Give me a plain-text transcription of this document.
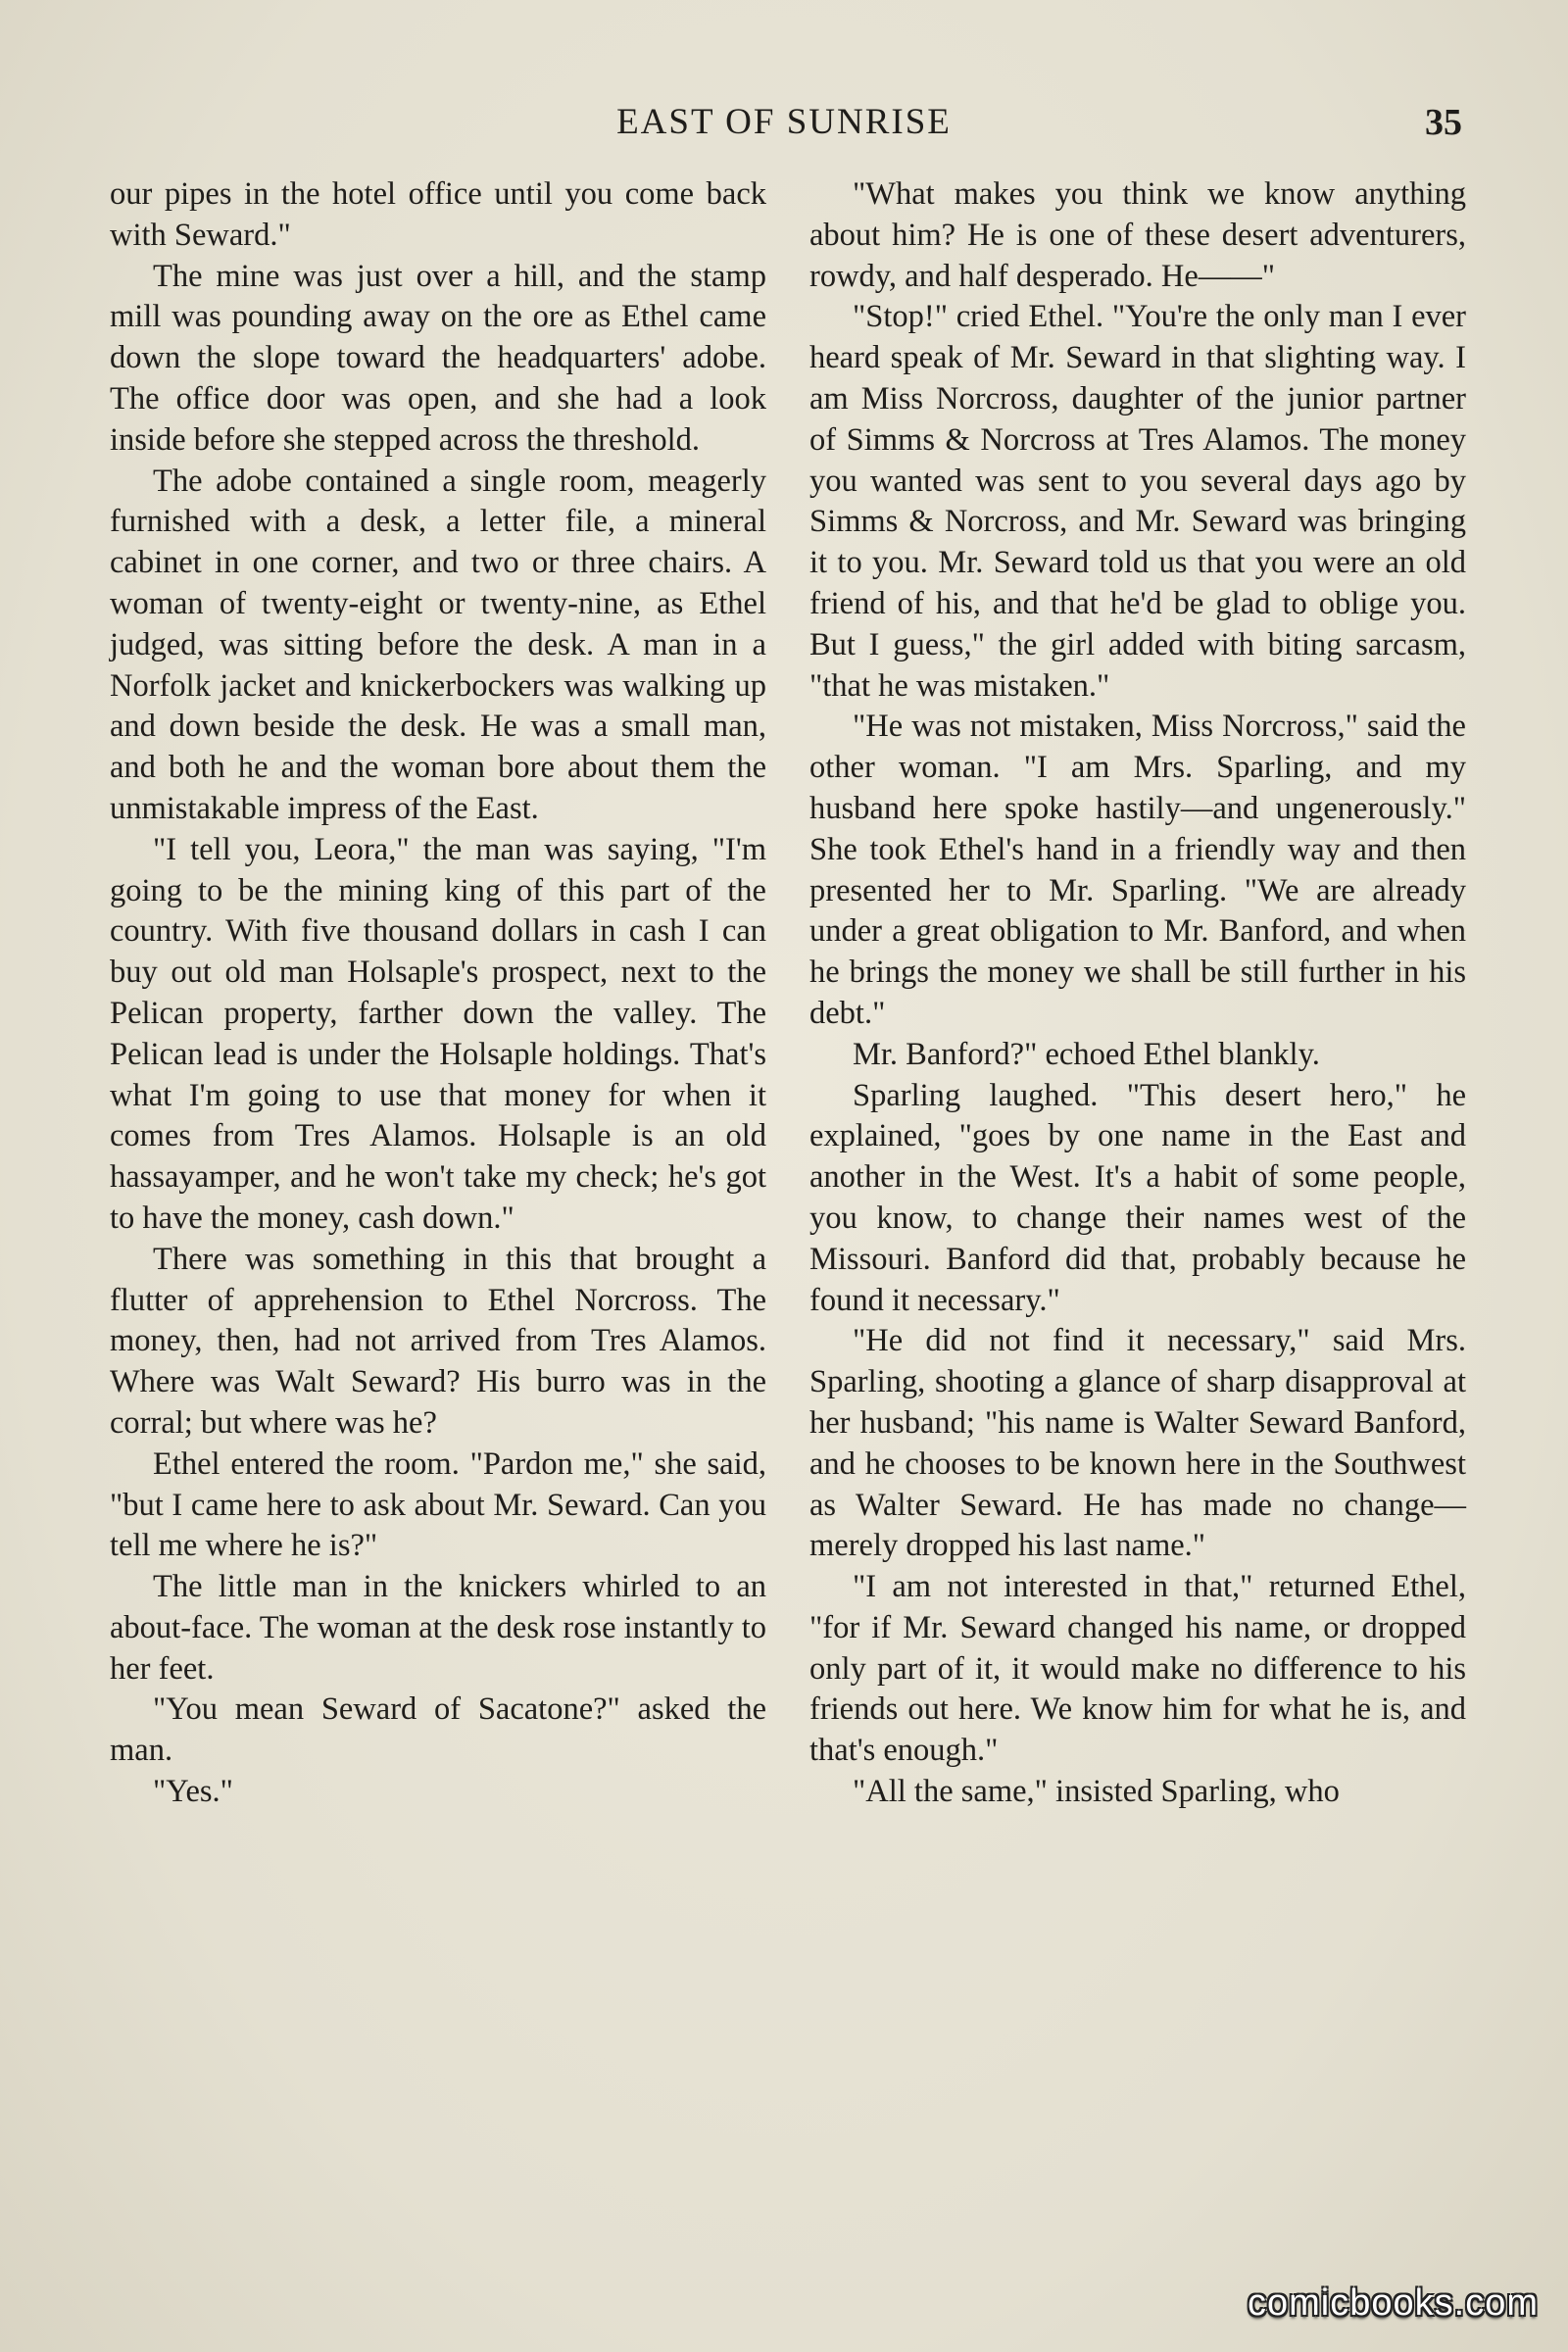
EAST OF SUNRISE	35

our pipes in the hotel office until you come back with Seward."

The mine was just over a hill, and the stamp mill was pounding away on the ore as Ethel came down the slope toward the headquarters' adobe. The office door was open, and she had a look inside before she stepped across the threshold.

The adobe contained a single room, meagerly furnished with a desk, a letter file, a mineral cabinet in one corner, and two or three chairs. A woman of twenty-eight or twenty-nine, as Ethel judged, was sitting before the desk. A man in a Norfolk jacket and knickerbockers was walking up and down beside the desk. He was a small man, and both he and the woman bore about them the unmistakable impress of the East.

"I tell you, Leora," the man was saying, "I'm going to be the mining king of this part of the country. With five thousand dollars in cash I can buy out old man Holsaple's prospect, next to the Pelican property, farther down the valley. The Pelican lead is under the Holsaple holdings. That's what I'm going to use that money for when it comes from Tres Alamos. Holsaple is an old hassayamper, and he won't take my check; he's got to have the money, cash down."

There was something in this that brought a flutter of apprehension to Ethel Norcross. The money, then, had not arrived from Tres Alamos. Where was Walt Seward? His burro was in the corral; but where was he?

Ethel entered the room. "Pardon me," she said, "but I came here to ask about Mr. Seward. Can you tell me where he is?"

The little man in the knickers whirled to an about-face. The woman at the desk rose instantly to her feet.

"You mean Seward of Sacatone?" asked the man.

"Yes."

"What makes you think we know anything about him? He is one of these desert adventurers, rowdy, and half desperado. He——"

"Stop!" cried Ethel. "You're the only man I ever heard speak of Mr. Seward in that slighting way. I am Miss Norcross, daughter of the junior partner of Simms & Norcross at Tres Alamos. The money you wanted was sent to you several days ago by Simms & Norcross, and Mr. Seward was bringing it to you. Mr. Seward told us that you were an old friend of his, and that he'd be glad to oblige you. But I guess," the girl added with biting sarcasm, "that he was mistaken."

"He was not mistaken, Miss Norcross," said the other woman. "I am Mrs. Sparling, and my husband here spoke hastily—and ungenerously." She took Ethel's hand in a friendly way and then presented her to Mr. Sparling. "We are already under a great obligation to Mr. Banford, and when he brings the money we shall be still further in his debt."

Mr. Banford?" echoed Ethel blankly.

Sparling laughed. "This desert hero," he explained, "goes by one name in the East and another in the West. It's a habit of some people, you know, to change their names west of the Missouri. Banford did that, probably because he found it necessary."

"He did not find it necessary," said Mrs. Sparling, shooting a glance of sharp disapproval at her husband; "his name is Walter Seward Banford, and he chooses to be known here in the Southwest as Walter Seward. He has made no change—merely dropped his last name."

"I am not interested in that," returned Ethel, "for if Mr. Seward changed his name, or dropped only part of it, it would make no difference to his friends out here. We know him for what he is, and that's enough."

"All the same," insisted Sparling, who

comicbooks.com
